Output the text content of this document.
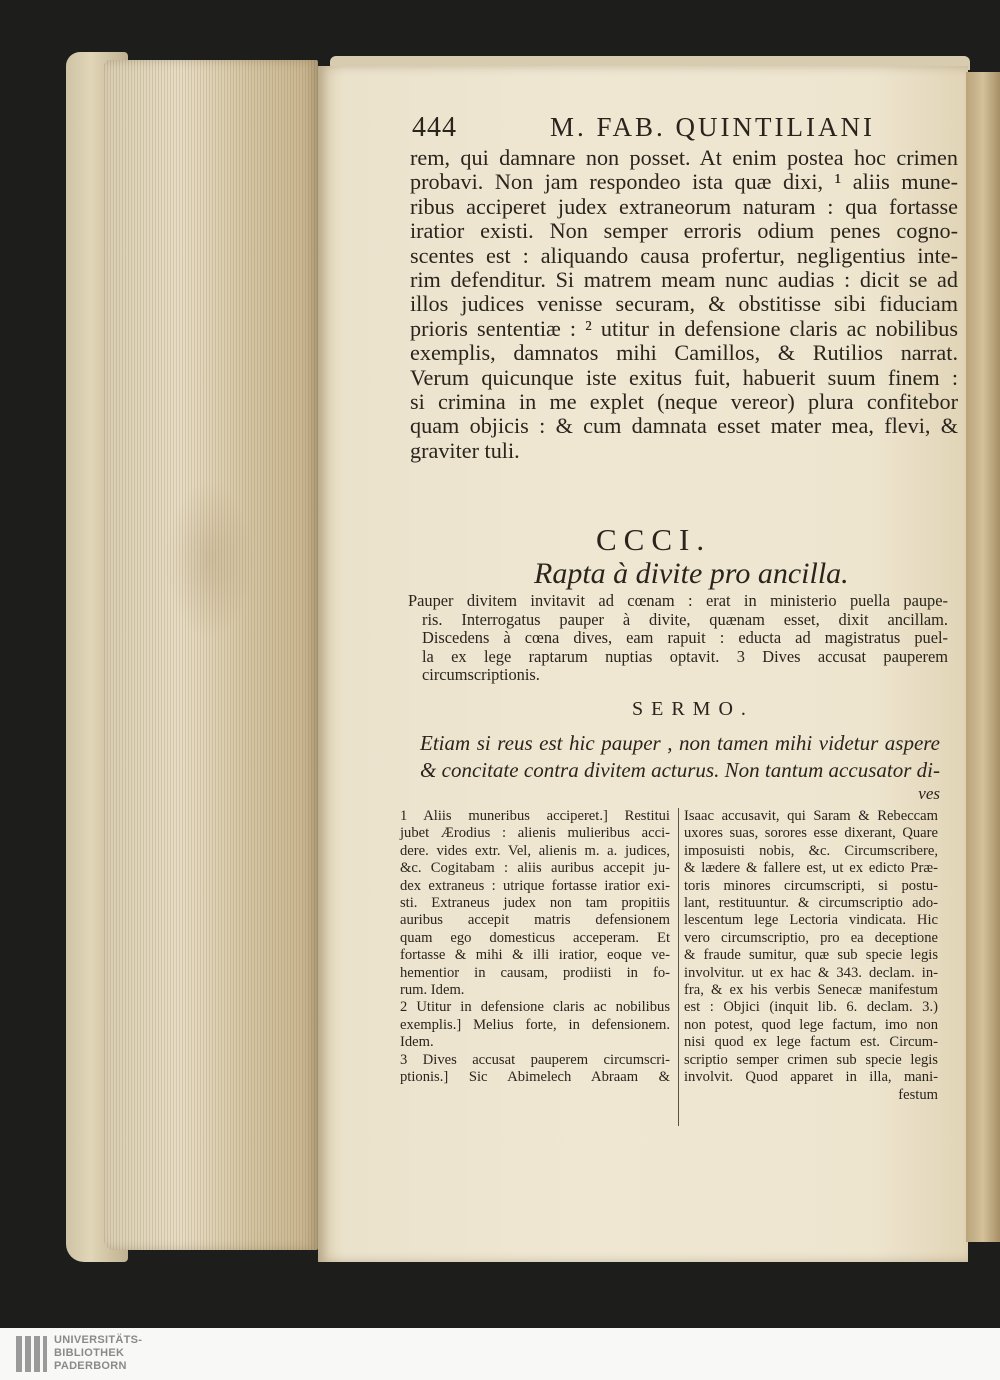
444	M. FAB. QUINTILIANI
rem, qui damnare non posset. At enim postea hoc crimen
probavi. Non jam respondeo ista quæ dixi, ¹ aliis mune-
ribus acciperet judex extraneorum naturam : qua fortasse
iratior existi. Non semper erroris odium penes cogno-
scentes est : aliquando causa profertur, negligentius inte-
rim defenditur. Si matrem meam nunc audias : dicit se ad
illos judices venisse securam, & obstitisse sibi fiduciam
prioris sententiæ : ² utitur in defensione claris ac nobilibus
exemplis, damnatos mihi Camillos, & Rutilios narrat.
Verum quicunque iste exitus fuit, habuerit suum finem :
si crimina in me explet (neque vereor) plura confitebor
quam objicis : & cum damnata esset mater mea, flevi, &
graviter tuli.
CCCI.
Rapta à divite pro ancilla.
Pauper divitem invitavit ad cœnam : erat in ministerio puella paupe-
ris. Interrogatus pauper à divite, quænam esset, dixit ancillam.
Discedens à cœna dives, eam rapuit : educta ad magistratus puel-
la ex lege raptarum nuptias optavit. 3 Dives accusat pauperem
circumscriptionis.
SERMO.
Etiam si reus est hic pauper , non tamen mihi videtur aspere
& concitate contra divitem acturus. Non tantum accusator di-
ves
1 Aliis muneribus acciperet.] Restitui
jubet Ærodius : alienis mulieribus acci-
dere. vides extr. Vel, alienis m. a. judices,
&c. Cogitabam : aliis auribus accepit ju-
dex extraneus : utrique fortasse iratior exi-
sti. Extraneus judex non tam propitiis
auribus accepit matris defensionem
quam ego domesticus acceperam. Et
fortasse & mihi & illi iratior, eoque ve-
hementior in causam, prodiisti in fo-
rum. Idem.
2 Utitur in defensione claris ac nobilibus
exemplis.] Melius forte, in defensionem.
Idem.
3 Dives accusat pauperem circumscri-
ptionis.] Sic Abimelech Abraam &
Isaac accusavit, qui Saram & Rebeccam
uxores suas, sorores esse dixerant, Quare
imposuisti nobis, &c. Circumscribere,
& lædere & fallere est, ut ex edicto Præ-
toris minores circumscripti, si postu-
lant, restituuntur. & circumscriptio ado-
lescentum lege Lectoria vindicata. Hic
vero circumscriptio, pro ea deceptione
& fraude sumitur, quæ sub specie legis
involvitur. ut ex hac & 343. declam. in-
fra, & ex his verbis Senecæ manifestum
est : Objici (inquit lib. 6. declam. 3.)
non potest, quod lege factum, imo non
nisi quod ex lege factum est. Circum-
scriptio semper crimen sub specie legis
involvit. Quod apparet in illa, mani-
festum
UNIVERSITÄTS-
BIBLIOTHEK
PADERBORN
